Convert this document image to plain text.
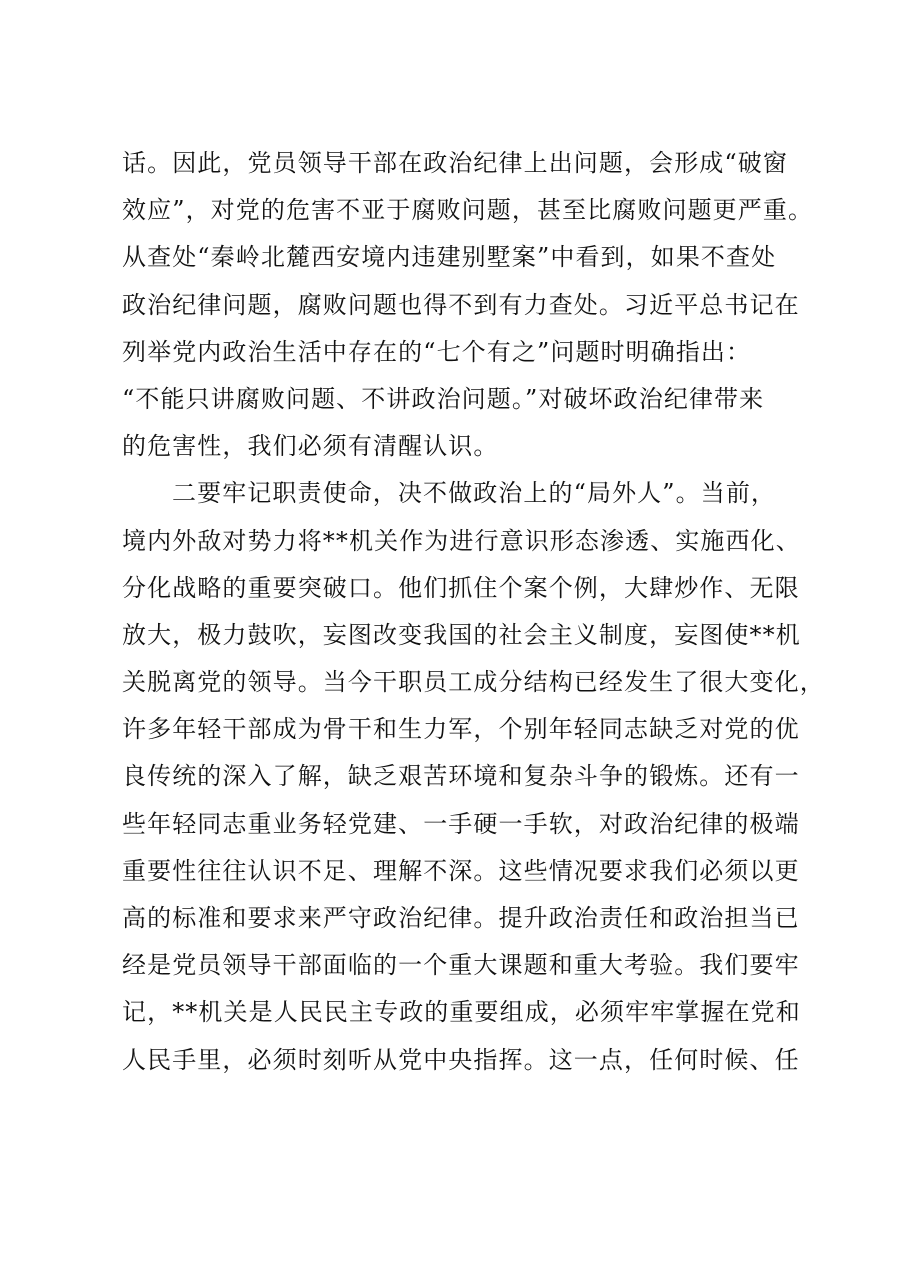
话。因此，党员领导干部在政治纪律上出问题，会形成“破窗
效应”，对党的危害不亚于腐败问题，甚至比腐败问题更严重。
从查处“秦岭北麓西安境内违建别墅案”中看到，如果不查处
政治纪律问题，腐败问题也得不到有力查处。习近平总书记在
列举党内政治生活中存在的“七个有之”问题时明确指出：
“不能只讲腐败问题、不讲政治问题。”对破坏政治纪律带来
的危害性，我们必须有清醒认识。
二要牢记职责使命，决不做政治上的“局外人”。当前，
境内外敌对势力将**机关作为进行意识形态渗透、实施西化、
分化战略的重要突破口。他们抓住个案个例，大肆炒作、无限
放大，极力鼓吹，妄图改变我国的社会主义制度，妄图使**机
关脱离党的领导。当今干职员工成分结构已经发生了很大变化，
许多年轻干部成为骨干和生力军，个别年轻同志缺乏对党的优
良传统的深入了解，缺乏艰苦环境和复杂斗争的锻炼。还有一
些年轻同志重业务轻党建、一手硬一手软，对政治纪律的极端
重要性往往认识不足、理解不深。这些情况要求我们必须以更
高的标准和要求来严守政治纪律。提升政治责任和政治担当已
经是党员领导干部面临的一个重大课题和重大考验。我们要牢
记，**机关是人民民主专政的重要组成，必须牢牢掌握在党和
人民手里，必须时刻听从党中央指挥。这一点，任何时候、任
